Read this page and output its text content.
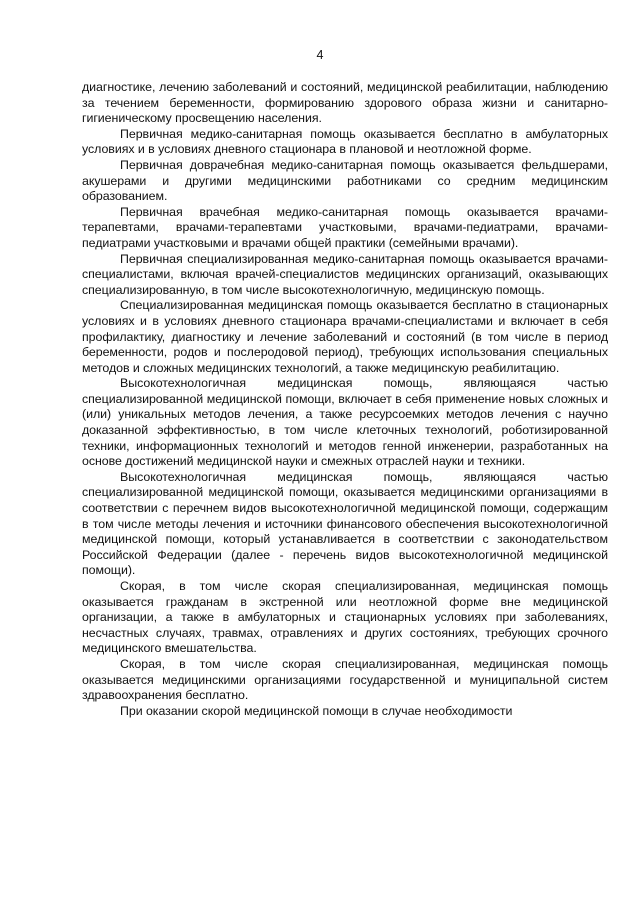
4

диагностике, лечению заболеваний и состояний, медицинской реабилитации, наблюдению за течением беременности, формированию здорового образа жизни и санитарно-гигиеническому просвещению населения.

Первичная медико-санитарная помощь оказывается бесплатно в амбулаторных условиях и в условиях дневного стационара в плановой и неотложной форме.

Первичная доврачебная медико-санитарная помощь оказывается фельдшерами, акушерами и другими медицинскими работниками со средним медицинским образованием.

Первичная врачебная медико-санитарная помощь оказывается врачами-терапевтами, врачами-терапевтами участковыми, врачами-педиатрами, врачами-педиатрами участковыми и врачами общей практики (семейными врачами).

Первичная специализированная медико-санитарная помощь оказывается врачами-специалистами, включая врачей-специалистов медицинских организаций, оказывающих специализированную, в том числе высокотехнологичную, медицинскую помощь.

Специализированная медицинская помощь оказывается бесплатно в стационарных условиях и в условиях дневного стационара врачами-специалистами и включает в себя профилактику, диагностику и лечение заболеваний и состояний (в том числе в период беременности, родов и послеродовой период), требующих использования специальных методов и сложных медицинских технологий, а также медицинскую реабилитацию.

Высокотехнологичная медицинская помощь, являющаяся частью специализированной медицинской помощи, включает в себя применение новых сложных и (или) уникальных методов лечения, а также ресурсоемких методов лечения с научно доказанной эффективностью, в том числе клеточных технологий, роботизированной техники, информационных технологий и методов генной инженерии, разработанных на основе достижений медицинской науки и смежных отраслей науки и техники.

Высокотехнологичная медицинская помощь, являющаяся частью специализированной медицинской помощи, оказывается медицинскими организациями в соответствии с перечнем видов высокотехнологичной медицинской помощи, содержащим в том числе методы лечения и источники финансового обеспечения высокотехнологичной медицинской помощи, который устанавливается в соответствии с законодательством Российской Федерации (далее - перечень видов высокотехнологичной медицинской помощи).

Скорая, в том числе скорая специализированная, медицинская помощь оказывается гражданам в экстренной или неотложной форме вне медицинской организации, а также в амбулаторных и стационарных условиях при заболеваниях, несчастных случаях, травмах, отравлениях и других состояниях, требующих срочного медицинского вмешательства.

Скорая, в том числе скорая специализированная, медицинская помощь оказывается медицинскими организациями государственной и муниципальной систем здравоохранения бесплатно.

При оказании скорой медицинской помощи в случае необходимости
